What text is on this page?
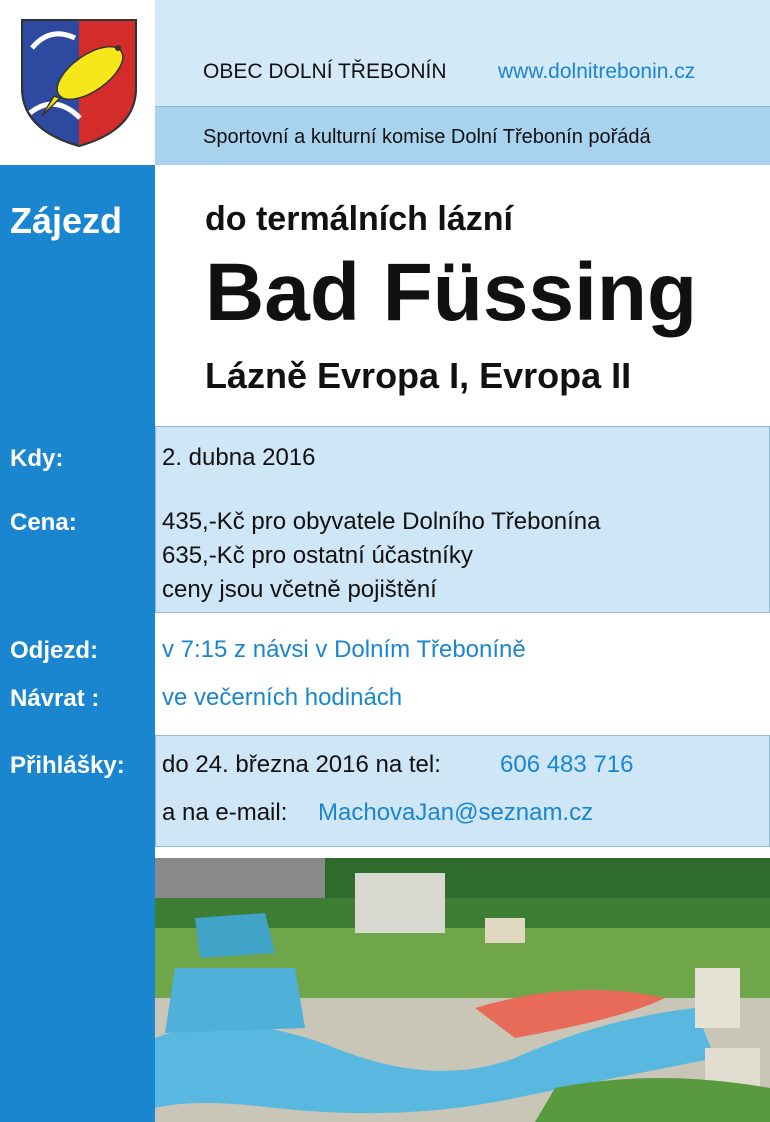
OBEC DOLNÍ TŘEBONÍN www.dolnitrebonin.cz
Sportovní a kulturní komise Dolní Třebonín pořádá
Zájezd do termálních lázní
Bad Füssing
Lázně Evropa I, Evropa II
Kdy:	2. dubna 2016
Cena:	435,-Kč pro obyvatele Dolního Třebonína
635,-Kč pro ostatní účastníky
ceny jsou včetně pojištění
Odjezd:	v 7:15 z návsi v Dolním Třeboníně
Návrat :	ve večerních hodinách
Přihlášky: do 24. března 2016 na tel: 606 483 716
a na e-mail: MachovaJan@seznam.cz
